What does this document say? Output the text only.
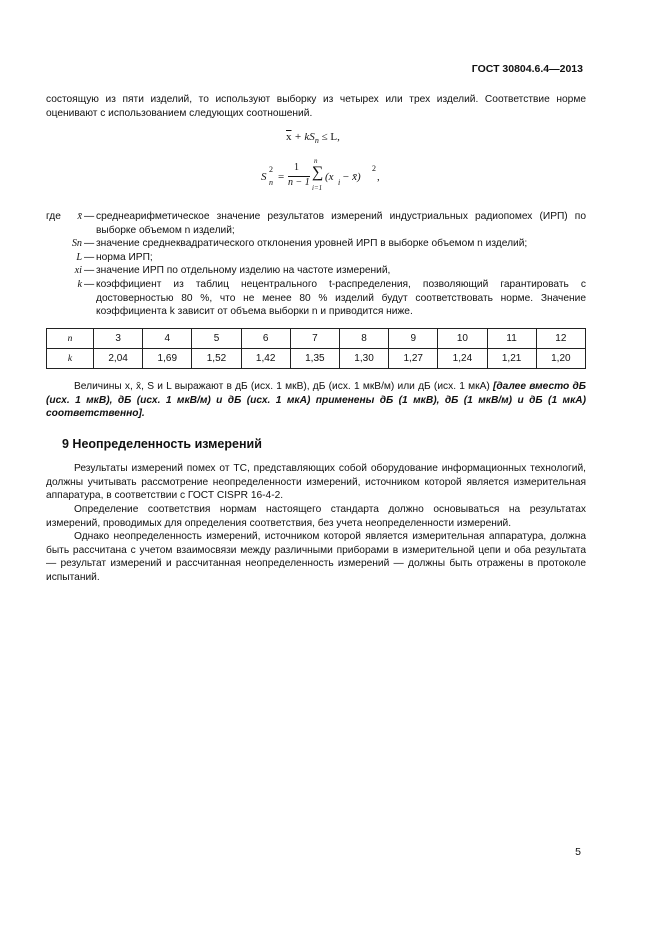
ГОСТ 30804.6.4—2013
состоящую из пяти изделий, то используют выборку из четырех или трех изделий. Соответствие норме оценивают с использованием следующих соотношений.
$\overline{x} + kS_n \le L$,
S
2
n =
1
n − 1
n
∑
i=1
(x i − x̄)
2
,
где	x̄ — среднеарифметическое значение результатов измерений индустриальных радиопомех (ИРП) по выборке объемом n изделий;
Sn — значение среднеквадратического отклонения уровней ИРП в выборке объемом n изделий;
L — норма ИРП;
xi — значение ИРП по отдельному изделию на частоте измерений,
k — коэффициент из таблиц нецентрального t-распределения, позволяющий гарантировать с достоверностью 80 %, что не менее 80 % изделий будут соответствовать норме. Значение коэффициента k зависит от объема выборки n и приводится ниже.
n	3	4	5	6	7	8	9	10	11	12
k	2,04	1,69	1,52	1,42	1,35	1,30	1,27	1,24	1,21	1,20
Величины x, x̄, S и L выражают в дБ (исх. 1 мкВ), дБ (исх. 1 мкВ/м) или дБ (исх. 1 мкА) [далее вместо дБ (исх. 1 мкВ), дБ (исх. 1 мкВ/м) и дБ (исх. 1 мкА) применены дБ (1 мкВ), дБ (1 мкВ/м) и дБ (1 мкА) соответственно].
9 Неопределенность измерений
Результаты измерений помех от ТС, представляющих собой оборудование информационных технологий, должны учитывать рассмотрение неопределенности измерений, источником которой является измерительная аппаратура, в соответствии с ГОСТ CISPR 16-4-2.
Определение соответствия нормам настоящего стандарта должно основываться на результатах измерений, проводимых для определения соответствия, без учета неопределенности измерений.
Однако неопределенность измерений, источником которой является измерительная аппаратура, должна быть рассчитана с учетом взаимосвязи между различными приборами в измерительной цепи и оба результата — результат измерений и рассчитанная неопределенность измерений — должны быть отражены в протоколе испытаний.
5
